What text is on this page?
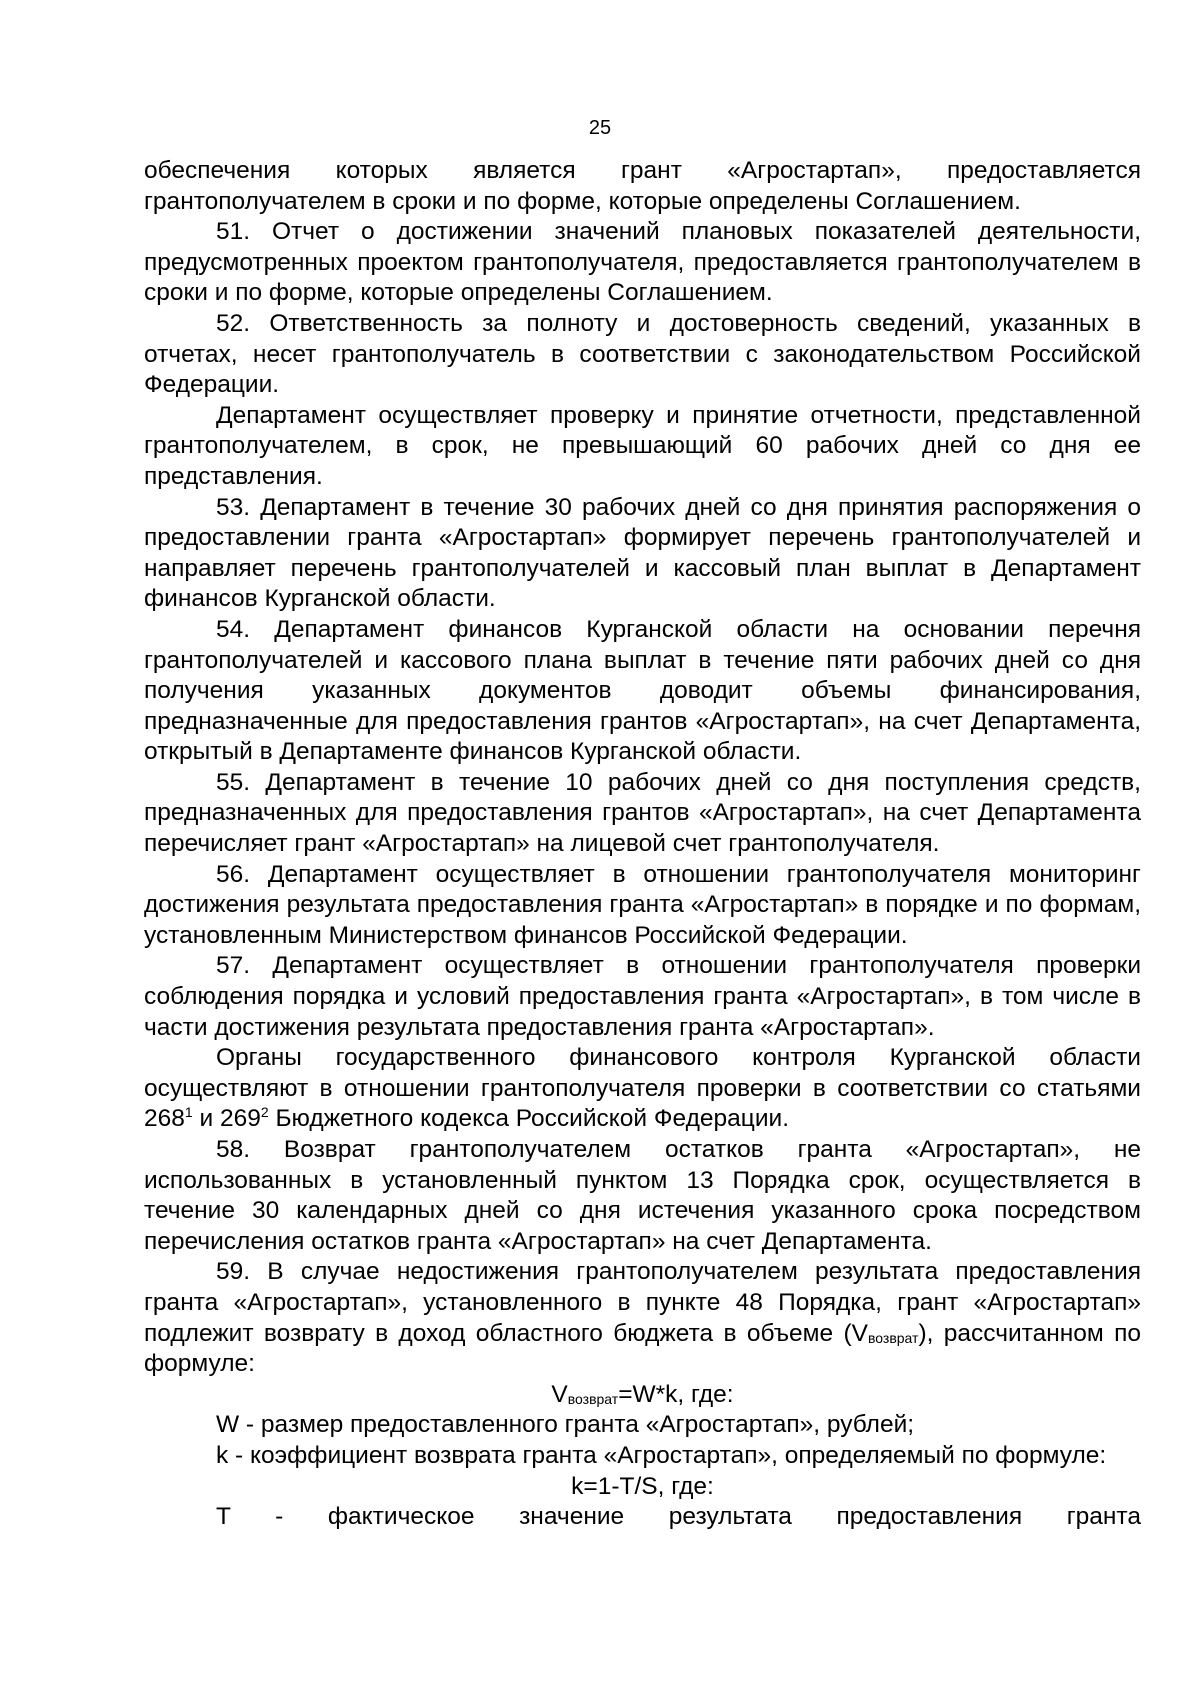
25

обеспечения которых является грант «Агростартап», предоставляется грантополучателем в сроки и по форме, которые определены Соглашением.

51. Отчет о достижении значений плановых показателей деятельности, предусмотренных проектом грантополучателя, предоставляется грантополучателем в сроки и по форме, которые определены Соглашением.

52. Ответственность за полноту и достоверность сведений, указанных в отчетах, несет грантополучатель в соответствии с законодательством Российской Федерации.

Департамент осуществляет проверку и принятие отчетности, представленной грантополучателем, в срок, не превышающий 60 рабочих дней со дня ее представления.

53. Департамент в течение 30 рабочих дней со дня принятия распоряжения о предоставлении гранта «Агростартап» формирует перечень грантополучателей и направляет перечень грантополучателей и кассовый план выплат в Департамент финансов Курганской области.

54. Департамент финансов Курганской области на основании перечня грантополучателей и кассового плана выплат в течение пяти рабочих дней со дня получения указанных документов доводит объемы финансирования, предназначенные для предоставления грантов «Агростартап», на счет Департамента, открытый в Департаменте финансов Курганской области.

55. Департамент в течение 10 рабочих дней со дня поступления средств, предназначенных для предоставления грантов «Агростартап», на счет Департамента перечисляет грант «Агростартап» на лицевой счет грантополучателя.

56. Департамент осуществляет в отношении грантополучателя мониторинг достижения результата предоставления гранта «Агростартап» в порядке и по формам, установленным Министерством финансов Российской Федерации.

57. Департамент осуществляет в отношении грантополучателя проверки соблюдения порядка и условий предоставления гранта «Агростартап», в том числе в части достижения результата предоставления гранта «Агростартап».

Органы государственного финансового контроля Курганской области осуществляют в отношении грантополучателя проверки в соответствии со статьями $268^1$ и $269^2$ Бюджетного кодекса Российской Федерации.

58. Возврат грантополучателем остатков гранта «Агростартап», не использованных в установленный пунктом 13 Порядка срок, осуществляется в течение 30 календарных дней со дня истечения указанного срока посредством перечисления остатков гранта «Агростартап» на счет Департамента.

59. В случае недостижения грантополучателем результата предоставления гранта «Агростартап», установленного в пункте 48 Порядка, грант «Агростартап» подлежит возврату в доход областного бюджета в объеме (Vвозврат), рассчитанном по формуле:

Vвозврат=W*k, где:

W - размер предоставленного гранта «Агростартап», рублей;

k - коэффициент возврата гранта «Агростартап», определяемый по формуле:

k=1-T/S, где:

T - фактическое значение результата предоставления гранта
